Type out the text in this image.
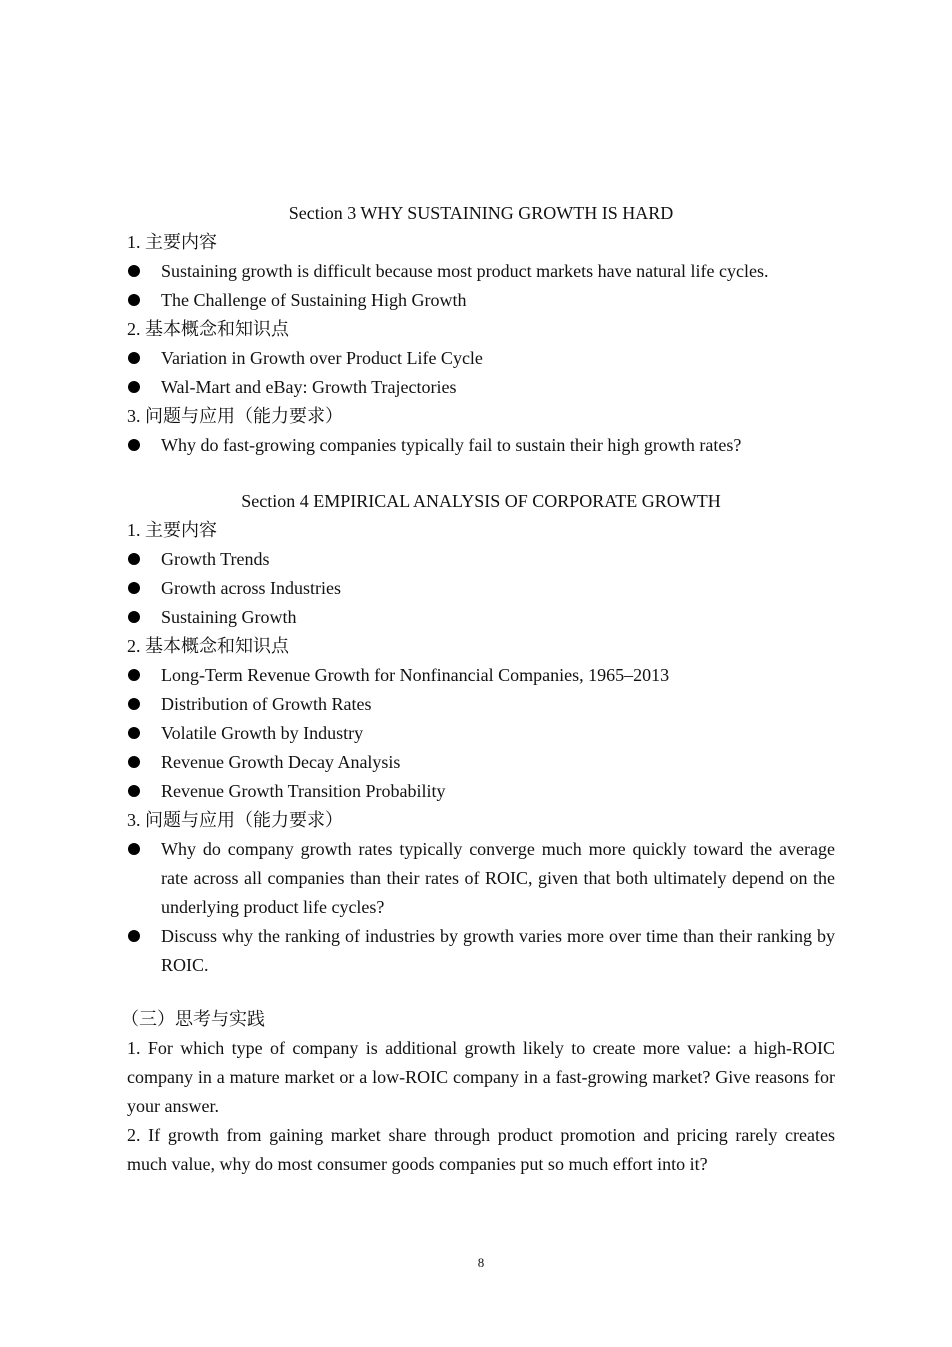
Section 3 WHY SUSTAINING GROWTH IS HARD
1. 主要内容
Sustaining growth is difficult because most product markets have natural life cycles.
The Challenge of Sustaining High Growth
2. 基本概念和知识点
Variation in Growth over Product Life Cycle
Wal-Mart and eBay: Growth Trajectories
3. 问题与应用（能力要求）
Why do fast-growing companies typically fail to sustain their high growth rates?
Section 4 EMPIRICAL ANALYSIS OF CORPORATE GROWTH
1. 主要内容
Growth Trends
Growth across Industries
Sustaining Growth
2. 基本概念和知识点
Long-Term Revenue Growth for Nonfinancial Companies, 1965–2013
Distribution of Growth Rates
Volatile Growth by Industry
Revenue Growth Decay Analysis
Revenue Growth Transition Probability
3. 问题与应用（能力要求）
Why do company growth rates typically converge much more quickly toward the average rate across all companies than their rates of ROIC, given that both ultimately depend on the underlying product life cycles?
Discuss why the ranking of industries by growth varies more over time than their ranking by ROIC.
（三）思考与实践

1. For which type of company is additional growth likely to create more value: a high-ROIC company in a mature market or a low-ROIC company in a fast-growing market? Give reasons for your answer.

2. If growth from gaining market share through product promotion and pricing rarely creates much value, why do most consumer goods companies put so much effort into it?

8
